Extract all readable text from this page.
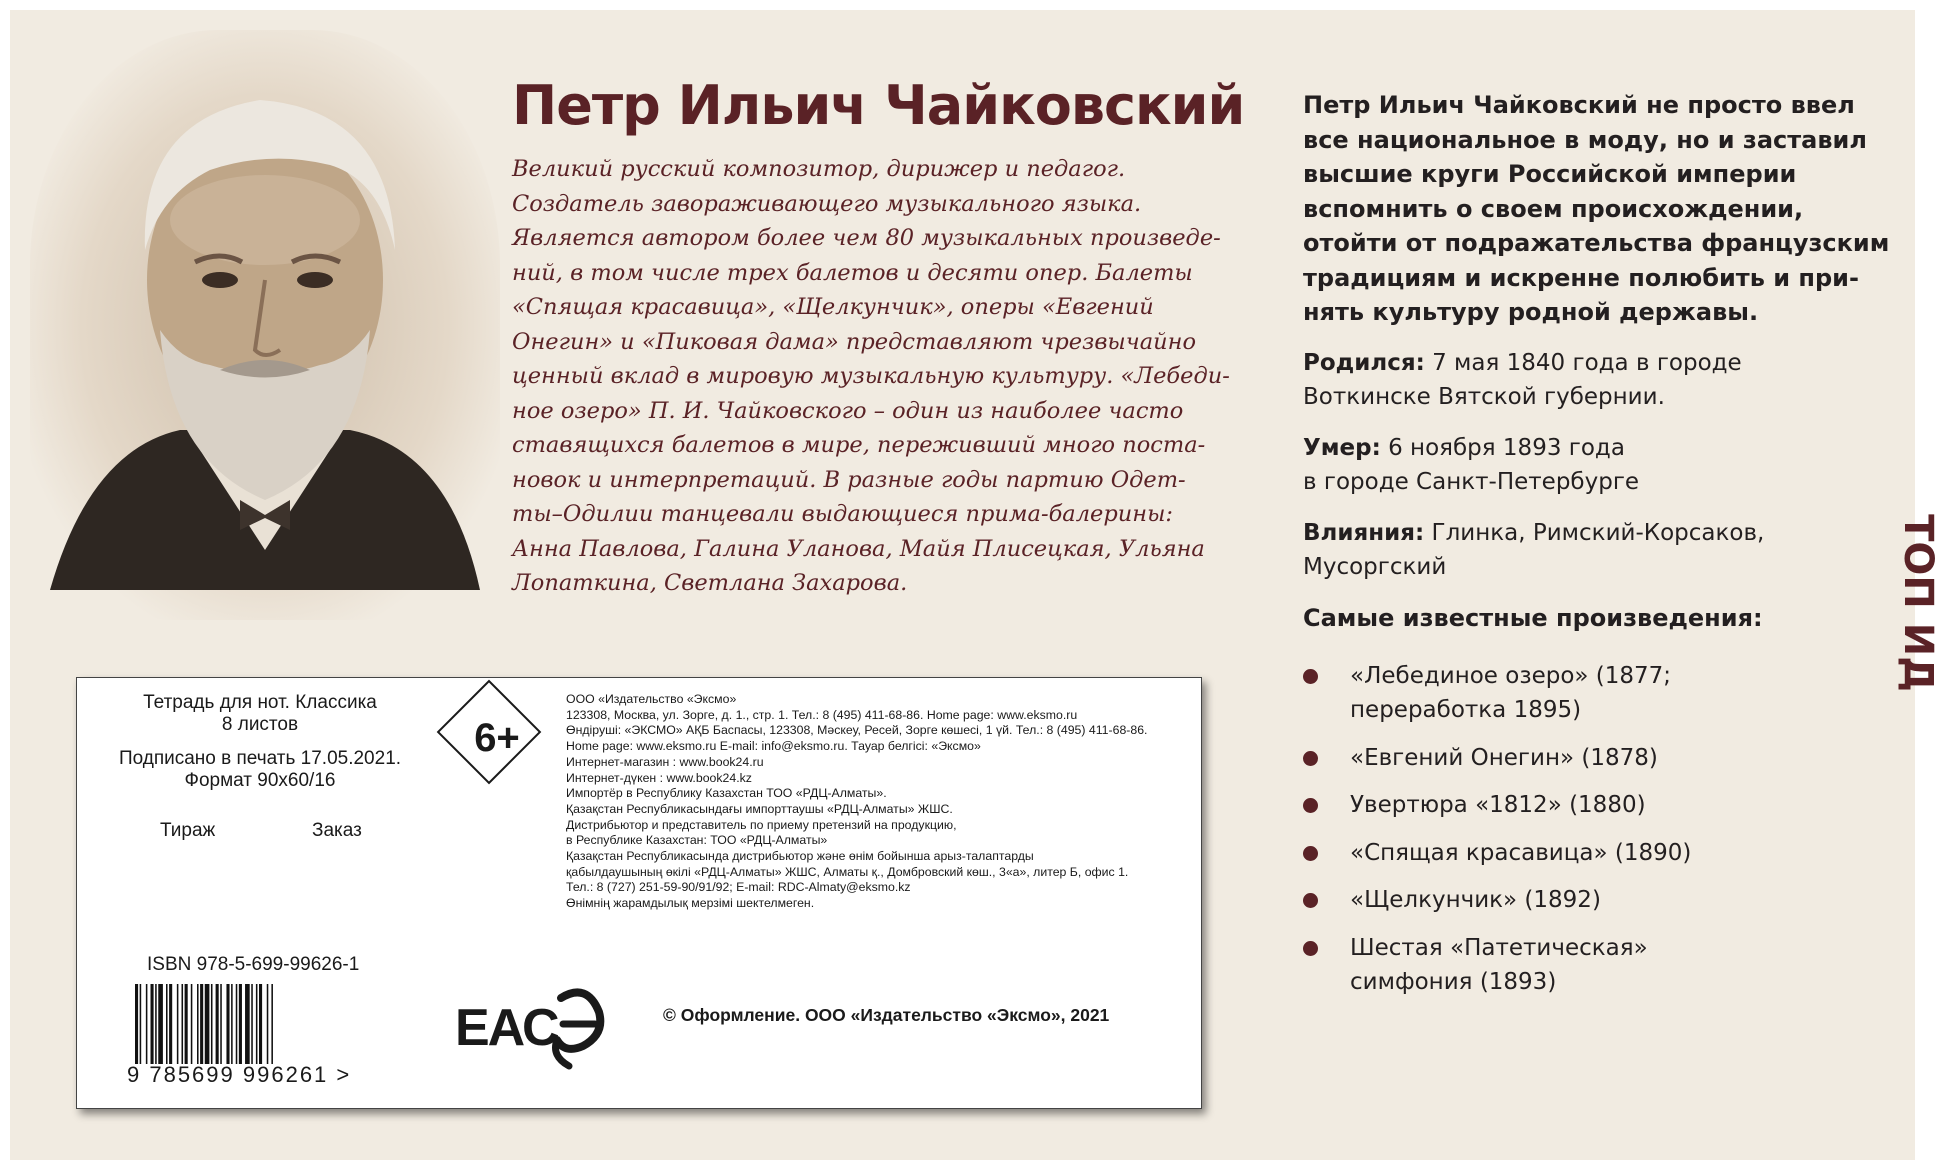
Петр Ильич Чайковский
Великий русский композитор, дирижер и педагог.
Создатель завораживающего музыкального языка.
Является автором более чем 80 музыкальных произведе-
ний, в том числе трех балетов и десяти опер. Балеты
«Спящая красавица», «Щелкунчик», оперы «Евгений
Онегин» и «Пиковая дама» представляют чрезвычайно
ценный вклад в мировую музыкальную культуру. «Лебеди-
ное озеро» П. И. Чайковского – один из наиболее часто
ставящихся балетов в мире, переживший много поста-
новок и интерпретаций. В разные годы партию Одет-
ты–Одилии танцевали выдающиеся прима-балерины:
Анна Павлова, Галина Уланова, Майя Плисецкая, Ульяна
Лопаткина, Светлана Захарова.
Петр Ильич Чайковский не просто ввел
все национальное в моду, но и заставил
высшие круги Российской империи
вспомнить о своем происхождении,
отойти от подражательства французским
традициям и искренне полюбить и при-
нять культуру родной державы.
Родился: 7 мая 1840 года в городе
Воткинске Вятской губернии.
Умер: 6 ноября 1893 года
в городе Санкт-Петербурге
Влияния: Глинка, Римский-Корсаков,
Мусоргский
Самые известные произведения:
«Лебединое озеро» (1877;
переработка 1895)
«Евгений Онегин» (1878)
Увертюра «1812» (1880)
«Спящая красавица» (1890)
«Щелкунчик» (1892)
Шестая «Патетическая»
симфония (1893)
ТОП ИД
Тетрадь для нот. Классика
8 листов
Подписано в печать 17.05.2021.
Формат 90x60/16
Тираж	Заказ
6+
ООО «Издательство «Эксмо»
123308, Москва, ул. Зорге, д. 1., стр. 1. Тел.: 8 (495) 411-68-86. Home page: www.eksmo.ru
Өндіруші: «ЭКСМО» АҚБ Баспасы, 123308, Мәскеу, Ресей, Зорге көшесі, 1 үй. Тел.: 8 (495) 411-68-86.
Home page: www.eksmo.ru E-mail: info@eksmo.ru. Тауар белгісі: «Эксмо»
Интернет-магазин : www.book24.ru
Интернет-дүкен : www.book24.kz
Импортёр в Республику Казахстан ТОО «РДЦ-Алматы».
Қазақстан Республикасындағы импорттаушы «РДЦ-Алматы» ЖШС.
Дистрибьютор и представитель по приему претензий на продукцию,
в Республике Казахстан: ТОО «РДЦ-Алматы»
Қазақстан Республикасында дистрибьютор және өнім бойынша арыз-талаптарды
қабылдаушының өкілі «РДЦ-Алматы» ЖШС, Алматы қ., Домбровский көш., 3«а», литер Б, офис 1.
Тел.: 8 (727) 251-59-90/91/92; E-mail: RDC-Almaty@eksmo.kz
Өнімнің жарамдылық мерзімі шектелмеген.
ISBN 978-5-699-99626-1
9 785699 996261 >
ЕАС	© Оформление. ООО «Издательство «Эксмо», 2021
